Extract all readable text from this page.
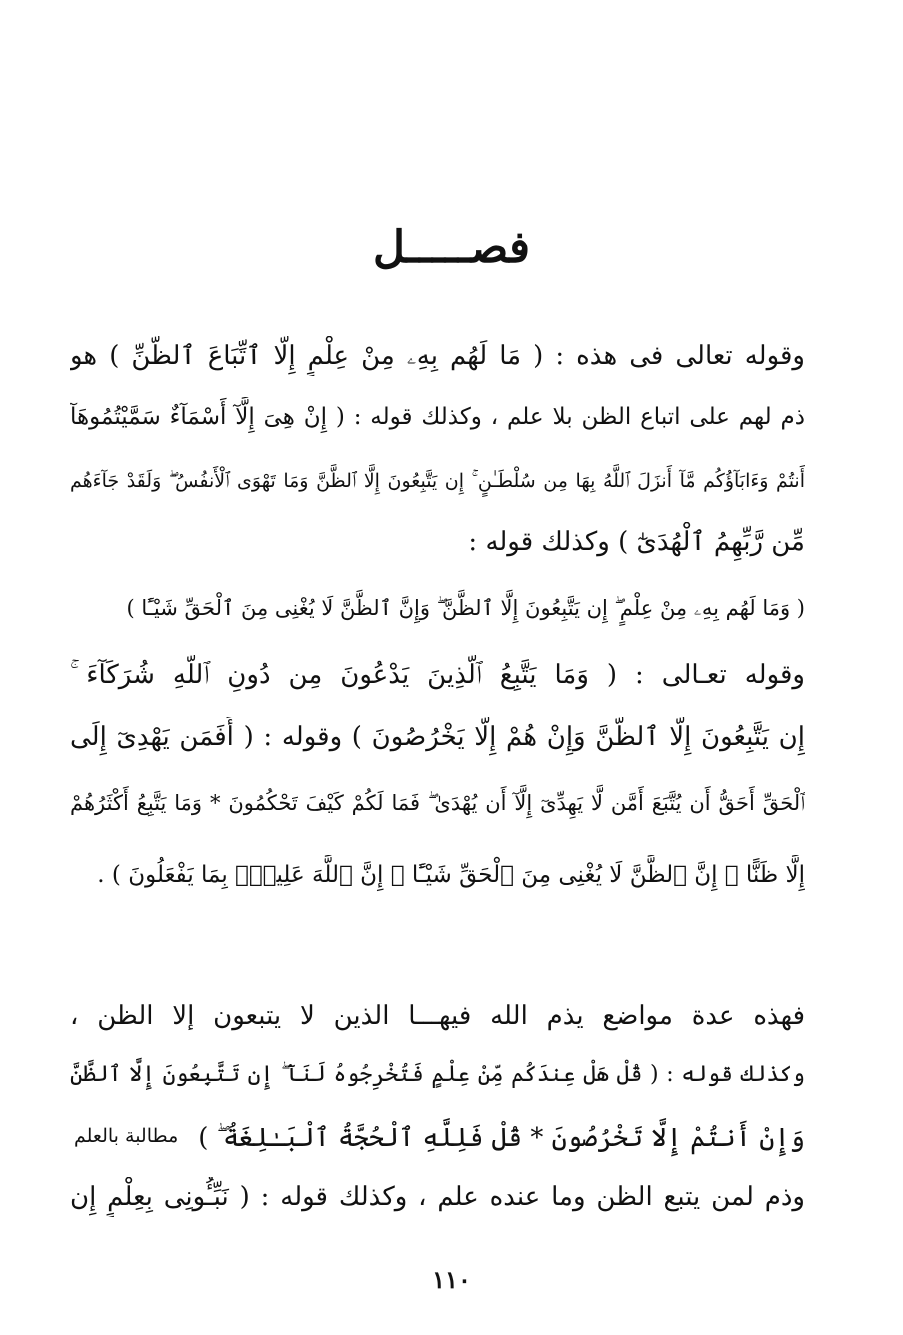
فصـــــل
وقوله تعالى فى هذه : ( مَا لَهُم بِهِۦ مِنْ عِلْمٍ إِلَّا ٱتِّبَاعَ ٱلظَّنِّ ) هو
ذم لهم على اتباع الظن بلا علم ، وكذلك قوله : ( إِنْ هِىَ إِلَّآ أَسْمَآءٌ سَمَّيْتُمُوهَآ
أَنتُمْ وَءَابَآؤُكُم مَّآ أَنزَلَ ٱللَّهُ بِهَا مِن سُلْطَـٰنٍ ۚ إِن يَتَّبِعُونَ إِلَّا ٱلظَّنَّ وَمَا تَهْوَى ٱلْأَنفُسُ ۖ وَلَقَدْ جَآءَهُم
مِّن رَّبِّهِمُ ٱلْهُدَىٰٓ ) وكذلك قوله :
( وَمَا لَهُم بِهِۦ مِنْ عِلْمٍ ۖ إِن يَتَّبِعُونَ إِلَّا ٱلظَّنَّ ۖ وَإِنَّ ٱلظَّنَّ لَا يُغْنِى مِنَ ٱلْحَقِّ شَيْـًٔا )
وقوله تعـالى : ( وَمَا يَتَّبِعُ ٱلَّذِينَ يَدْعُونَ مِن دُونِ ٱللَّهِ شُرَكَآءَ ۚ
إِن يَتَّبِعُونَ إِلَّا ٱلظَّنَّ وَإِنْ هُمْ إِلَّا يَخْرُصُونَ ) وقوله : ( أَفَمَن يَهْدِىٓ إِلَى
ٱلْحَقِّ أَحَقُّ أَن يُتَّبَعَ أَمَّن لَّا يَهِدِّىٓ إِلَّآ أَن يُهْدَىٰ ۖ فَمَا لَكُمْ كَيْفَ تَحْكُمُونَ * وَمَا يَتَّبِعُ أَكْثَرُهُمْ
إِلَّا ظَنًّا ۚ إِنَّ ٱلظَّنَّ لَا يُغْنِى مِنَ ٱلْحَقِّ شَيْـًٔا ۚ إِنَّ ٱللَّهَ عَلِيمٌۢ بِمَا يَفْعَلُونَ ) .
فهذه عدة مواضع يذم الله فيهـــا الذين لا يتبعون إلا الظن ،
وكذلك قوله : ( قُلْ هَلْ عِندَكُم مِّنْ عِلْمٍ فَتُخْرِجُوهُ لَنَآ ۖ إِن تَتَّبِعُونَ إِلَّا ٱلظَّنَّ
وَإِنْ أَنتُمْ إِلَّا تَخْرُصُونَ * قُلْ فَلِلَّهِ ٱلْحُجَّةُ ٱلْبَـٰلِغَةُ ۖ )
وذم لمن يتبع الظن وما عنده علم ، وكذلك قوله : ( نَبِّـُٔونِى بِعِلْمٍ إِن
مطالبة بالعلم
١١٠
